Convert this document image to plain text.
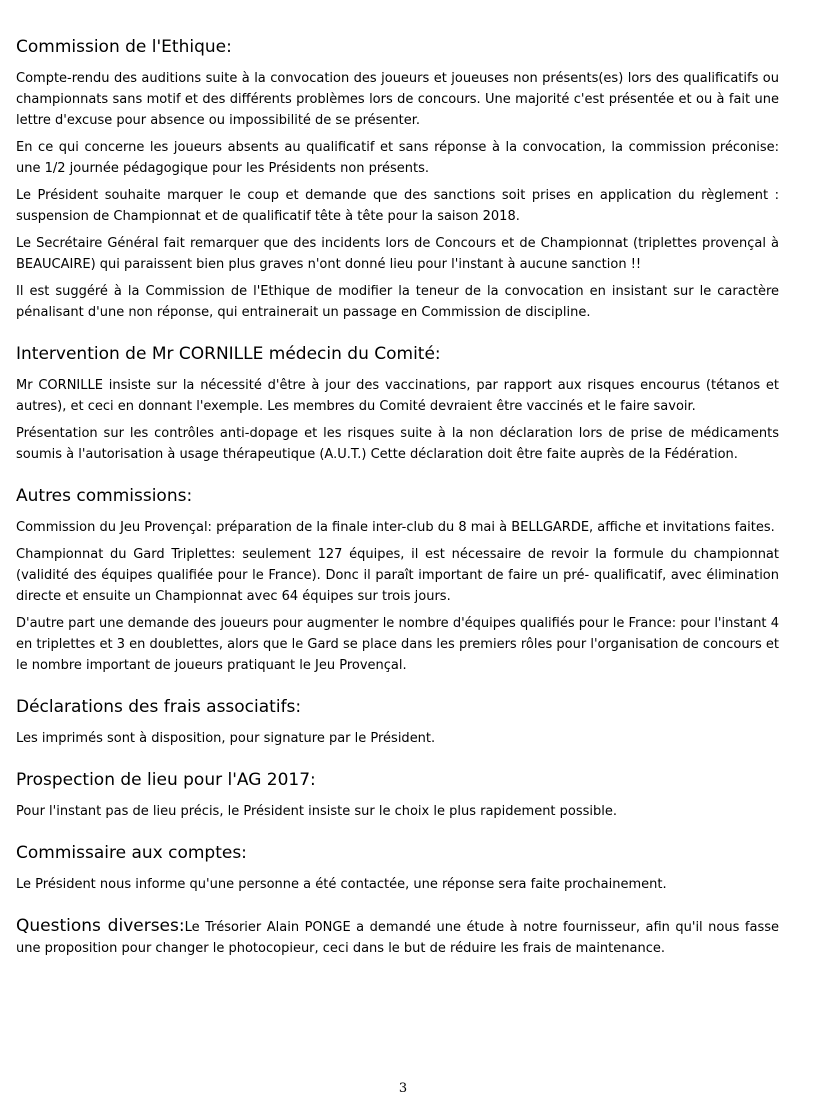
Commission de l'Ethique:

Compte-rendu des auditions suite à la convocation des joueurs et joueuses non présents(es) lors des qualificatifs ou championnats sans motif et des différents problèmes lors de concours. Une majorité c'est présentée et ou à fait une lettre d'excuse pour absence ou impossibilité de se présenter.

En ce qui concerne les joueurs absents au qualificatif et sans réponse à la convocation, la commission préconise: une 1/2 journée pédagogique pour les Présidents non présents.

Le Président souhaite marquer le coup et demande que des sanctions soit prises en application du règlement : suspension de Championnat et de qualificatif tête à tête pour la saison 2018.

Le Secrétaire Général fait remarquer que des incidents lors de Concours et de Championnat (triplettes provençal à BEAUCAIRE) qui paraissent bien plus graves n'ont donné lieu pour l'instant à aucune sanction !!

Il est suggéré à la Commission de l'Ethique de modifier la teneur de la convocation en insistant sur le caractère pénalisant d'une non réponse, qui entrainerait un passage en Commission de discipline.

Intervention de Mr CORNILLE médecin du Comité:

Mr CORNILLE insiste sur la nécessité d'être à jour des vaccinations, par rapport aux risques encourus (tétanos et autres), et ceci en donnant l'exemple. Les membres du Comité devraient être vaccinés et le faire savoir.

Présentation sur les contrôles anti-dopage et les risques suite à la non déclaration lors de prise de médicaments soumis à l'autorisation à usage thérapeutique (A.U.T.) Cette déclaration doit être faite auprès de la Fédération.

Autres commissions:

Commission du Jeu Provençal: préparation de la finale inter-club du 8 mai à BELLGARDE, affiche et invitations faites.

Championnat du Gard Triplettes: seulement 127 équipes, il est nécessaire de revoir la formule du championnat (validité des équipes qualifiée pour le France). Donc il paraît important de faire un pré- qualificatif, avec élimination directe et ensuite un Championnat avec 64 équipes sur trois jours.

D'autre part une demande des joueurs pour augmenter le nombre d'équipes qualifiés pour le France: pour l'instant 4 en triplettes et 3 en doublettes, alors que le Gard se place dans les premiers rôles pour l'organisation de concours et le nombre important de joueurs pratiquant le Jeu Provençal.

Déclarations des frais associatifs:

Les imprimés sont à disposition, pour signature par le Président.

Prospection de lieu pour l'AG 2017:

Pour l'instant pas de lieu précis, le Président insiste sur le choix le plus rapidement possible.

Commissaire aux comptes:

Le Président nous informe qu'une personne a été contactée, une réponse sera faite prochainement.

Questions diverses:Le Trésorier Alain PONGE a demandé une étude à notre fournisseur, afin qu'il nous fasse une proposition pour changer le photocopieur, ceci dans le but de réduire les frais de maintenance.

3
